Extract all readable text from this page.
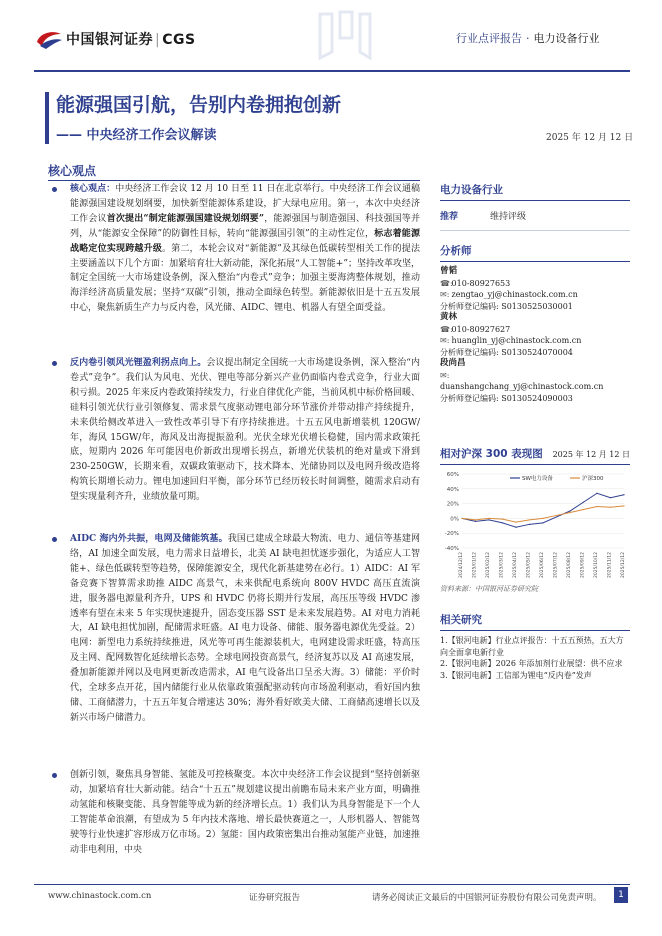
中国银河证券 | CGS	行业点评报告 · 电力设备行业
能源强国引航，告别内卷拥抱创新
—— 中央经济工作会议解读	2025 年 12 月 12 日
核心观点

核心观点：中央经济工作会议 12 月 10 日至 11 日在北京举行。中央经济工作会议通稿能源强国建设规划纲要，加快新型能源体系建设，扩大绿电应用。第一，本次中央经济工作会议首次提出“制定能源强国建设规划纲要”，能源强国与制造强国、科技强国等并列，从“能源安全保障”的防御性目标，转向“能源强国引领”的主动性定位，标志着能源战略定位实现跨越升级。第二，本轮会议对“新能源”及其绿色低碳转型相关工作的提法主要涵盖以下几个方面：加紧培育壮大新动能，深化拓展“人工智能+”；坚持改革攻坚，制定全国统一大市场建设条例，深入整治“内卷式”竞争；加强主要海湾整体规划，推动海洋经济高质量发展；坚持“双碳”引领，推动全面绿色转型。新能源依旧是十五五发展中心，聚焦新质生产力与反内卷，风光储、AIDC、锂电、机器人有望全面受益。

反内卷引领风光锂盈利拐点向上。会议提出制定全国统一大市场建设条例，深入整治“内卷式”竞争”。我们认为风电、光伏、锂电等部分新兴产业仍面临内卷式竞争，行业大面积亏损。2025 年来反内卷政策持续发力，行业自律优化产能，当前风机中标价格回暖、硅料引领光伏行业引领修复、需求景气度驱动锂电部分环节涨价并带动排产持续提升，未来供给侧改革进入一致性改革引导下有序持续推进。十五五风电新增装机 120GW/年，海风 15GW/年，海风及出海提振盈利。光伏全球光伏增长稳健，国内需求政策托底，短期内 2026 年可能因电价新政出现增长拐点，新增光伏装机的绝对量或下滑到 230-250GW，长期来看，双碳政策驱动下，技术降本、光储协同以及电网升级改造将构筑长期增长动力。锂电加速回归平衡，部分环节已经历较长时间调整，随需求启动有望实现量利齐升，业绩放量可期。

AIDC 海内外共振，电网及储能筑基。我国已建成全球最大物流、电力、通信等基建网络，AI 加速全面发展，电力需求日益增长，北美 AI 缺电担忧逐步强化，为适应人工智能+、绿色低碳转型等趋势，保障能源安全，现代化新基建势在必行。1）AIDC：AI 军备竞赛下智算需求助推 AIDC 高景气，未来供配电系统向 800V HVDC 高压直流演进，服务器电源量利齐升，UPS 和 HVDC 仍将长期并行发展，高压压等级 HVDC 渗透率有望在未来 5 年实现快速提升，固态变压器 SST 是未来发展趋势。AI 对电力消耗大，AI 缺电担忧加剧，配储需求旺盛。AI 电力设备、储能、服务器电源优先受益。2）电网：新型电力系统持续推进，风光等可再生能源装机大，电网建设需求旺盛，特高压及主网、配网数智化延续增长态势。全球电网投资高景气，经济复苏以及 AI 高速发展，叠加新能源并网以及电网更新改造需求，AI 电气设备出口呈丞大海。3）储能：平价时代，全球多点开花，国内储能行业从依靠政策强配驱动转向市场盈利驱动，看好国内独储、工商储潜力，十五五年复合增速达 30%；海外看好欧美大储、工商储高速增长以及新兴市场户储潜力。

创新引领，聚焦具身智能、氢能及可控核聚变。本次中央经济工作会议提到“坚持创新驱动，加紧培育壮大新动能。结合“十五五”规划建议提出前瞻布局未来产业方面，明确推动氢能和核聚变能、具身智能等成为新的经济增长点。1）我们认为具身智能是下一个人工智能革命浪潮，有望成为 5 年内技术落地、增长最快赛道之一，人形机器人、智能驾驶等行业快速扩容形成万亿市场。2）氢能：国内政策密集出台推动氢能产业链，加速推动非电利用，中央

电力设备行业

推荐	维持评级

分析师

曾韬

☎: 010-80927653

✉: zengtao_yj@chinastock.com.cn

分析师登记编码: S0130525030001

黄林

☎: 010-80927627

✉: huanglin_yj@chinastock.com.cn

分析师登记编码: S0130524070004

段尚昌

✉:

duanshangchang_yj@chinastock.com.cn

分析师登记编码: S0130524090003

相对沪深 300 表现图 2025 年 12 月 12 日
60%
40%
20%
0%
-20%
-40%
2024/12/12 2025/01/12 2025/02/12 2025/03/12 2025/04/12 2025/05/12 2025/06/12 2025/07/12 2025/08/12 2025/09/12 2025/10/12 2025/11/12 2025/12/12
SW电力设备	沪深300
资料来源：中国银河证券研究院

相关研究

1.【银河电新】行业点评报告：十五五预热，五大方向全面拿电新行业

2.【银河电新】2026 年添加剂行业展望：供不应求

3.【银河电新】工信部为锂电“反内卷”发声

www.chinastock.com.cn	证券研究报告	请务必阅读正文最后的中国银河证券股份有限公司免责声明。	1
